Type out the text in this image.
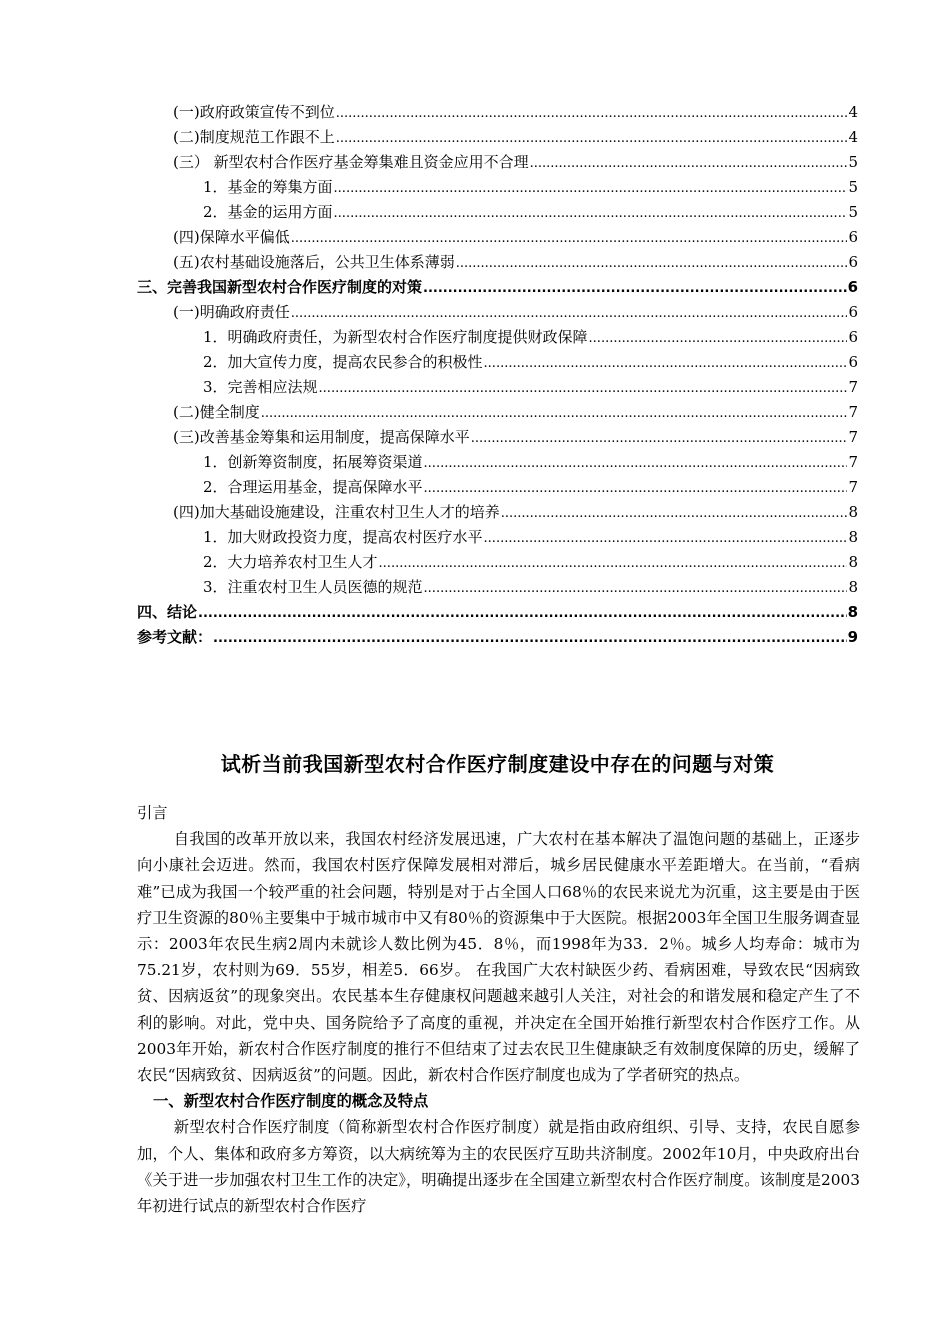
(一)政府政策宣传不到位 .....	4
(二)制度规范工作跟不上 .....	4
(三） 新型农村合作医疗基金筹集难且资金应用不合理 .....	5
1．基金的筹集方面 .....	5
2．基金的运用方面 .....	5
(四)保障水平偏低 .....	6
(五)农村基础设施落后，公共卫生体系薄弱 .....	6
三、完善我国新型农村合作医疗制度的对策 .....	6
(一)明确政府责任 .....	6
1．明确政府责任，为新型农村合作医疗制度提供财政保障 .....	6
2．加大宣传力度，提高农民参合的积极性 .....	6
3．完善相应法规 .....	7
(二)健全制度 .....	7
(三)改善基金筹集和运用制度，提高保障水平 .....	7
1．创新筹资制度，拓展筹资渠道 .....	7
2．合理运用基金，提高保障水平 .....	7
(四)加大基础设施建设，注重农村卫生人才的培养 .....	8
1．加大财政投资力度，提高农村医疗水平 .....	8
2．大力培养农村卫生人才 .....	8
3．注重农村卫生人员医德的规范 .....	8
四、结论 .....	8
参考文献： .....	9
试析当前我国新型农村合作医疗制度建设中存在的问题与对策

引言

自我国的改革开放以来，我国农村经济发展迅速，广大农村在基本解决了温饱问题的基础上，正逐步向小康社会迈进。然而，我国农村医疗保障发展相对滞后，城乡居民健康水平差距增大。在当前，“看病难”已成为我国一个较严重的社会问题，特别是对于占全国人口68％的农民来说尤为沉重，这主要是由于医疗卫生资源的80％主要集中于城市城市中又有80％的资源集中于大医院。根据2003年全国卫生服务调查显示：2003年农民生病2周内未就诊人数比例为45．8％，而1998年为33．2％。城乡人均寿命：城市为75.21岁，农村则为69．55岁，相差5．66岁。 在我国广大农村缺医少药、看病困难，导致农民“因病致贫、因病返贫”的现象突出。农民基本生存健康权问题越来越引人关注，对社会的和谐发展和稳定产生了不利的影响。对此，党中央、国务院给予了高度的重视，并决定在全国开始推行新型农村合作医疗工作。从2003年开始，新农村合作医疗制度的推行不但结束了过去农民卫生健康缺乏有效制度保障的历史，缓解了农民“因病致贫、因病返贫”的问题。因此，新农村合作医疗制度也成为了学者研究的热点。

一、新型农村合作医疗制度的概念及特点

新型农村合作医疗制度（简称新型农村合作医疗制度）就是指由政府组织、引导、支持，农民自愿参加，个人、集体和政府多方筹资，以大病统筹为主的农民医疗互助共济制度。2002年10月，中央政府出台《关于进一步加强农村卫生工作的决定》，明确提出逐步在全国建立新型农村合作医疗制度。该制度是2003年初进行试点的新型农村合作医疗
